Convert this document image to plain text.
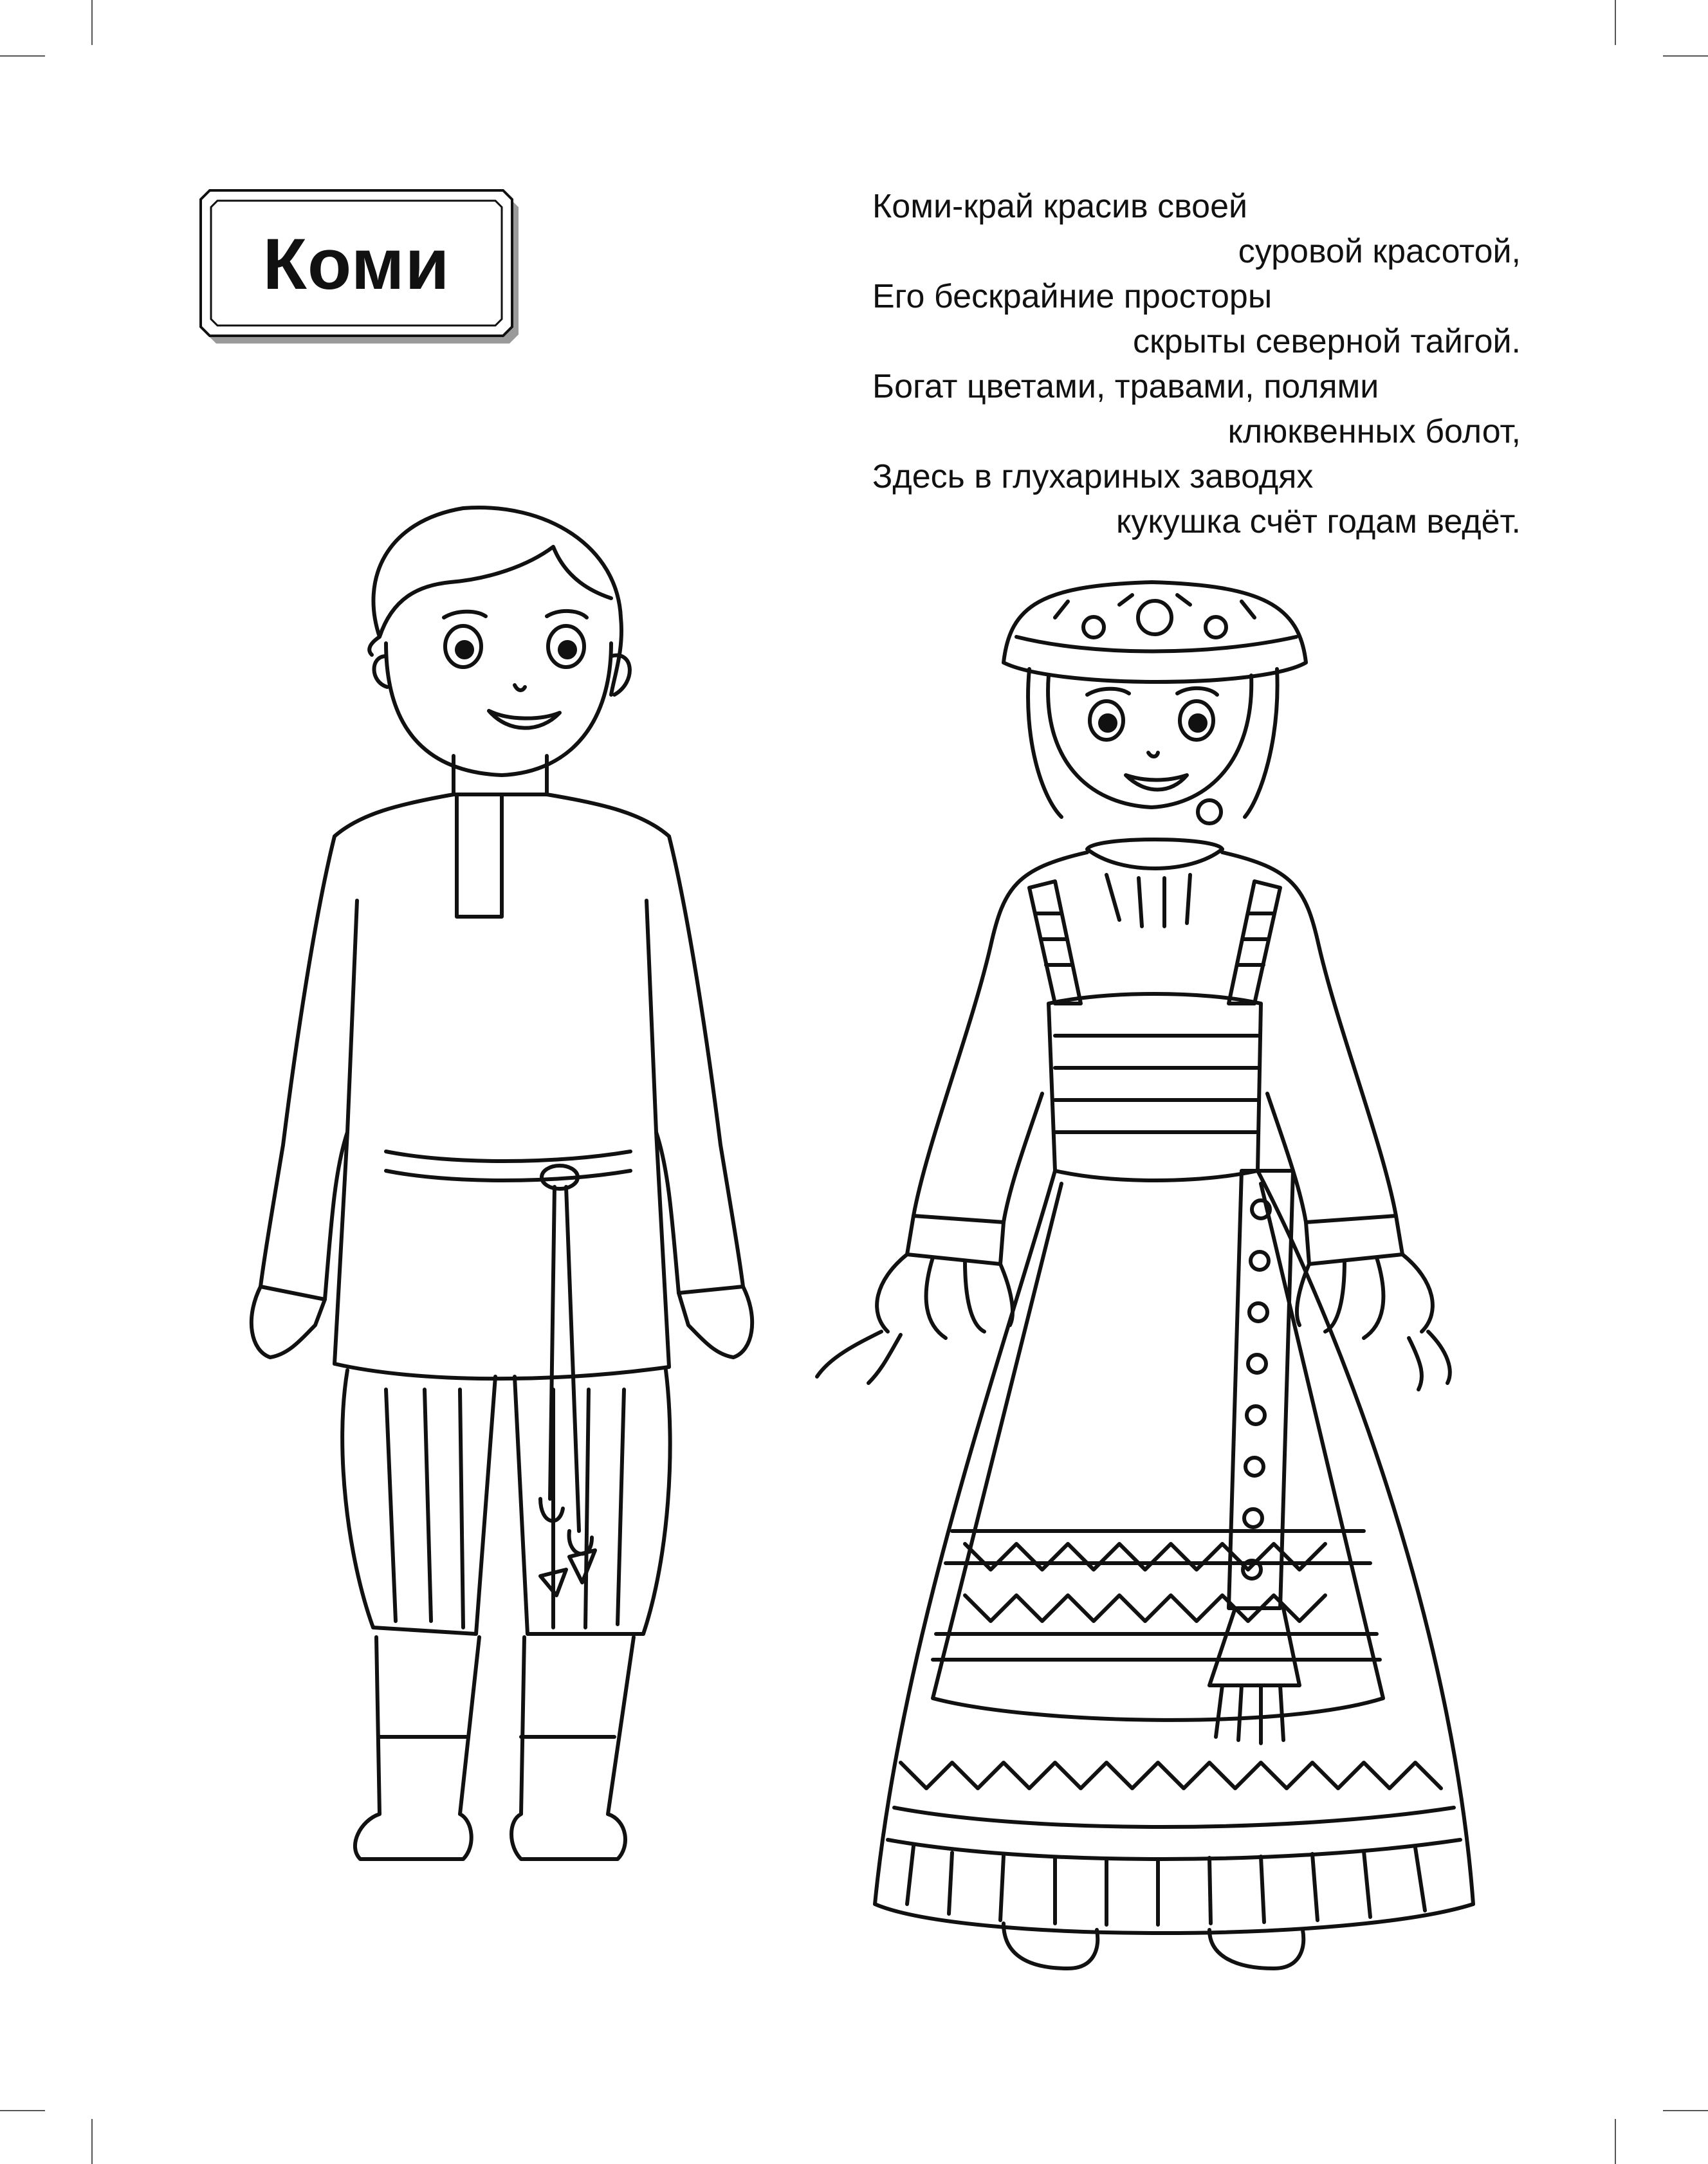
Коми
Коми-край красив своей
суровой красотой,
Его бескрайние просторы
скрыты северной тайгой.
Богат цветами, травами, полями
клюквенных болот,
Здесь в глухариных заводях
кукушка счёт годам ведёт.
